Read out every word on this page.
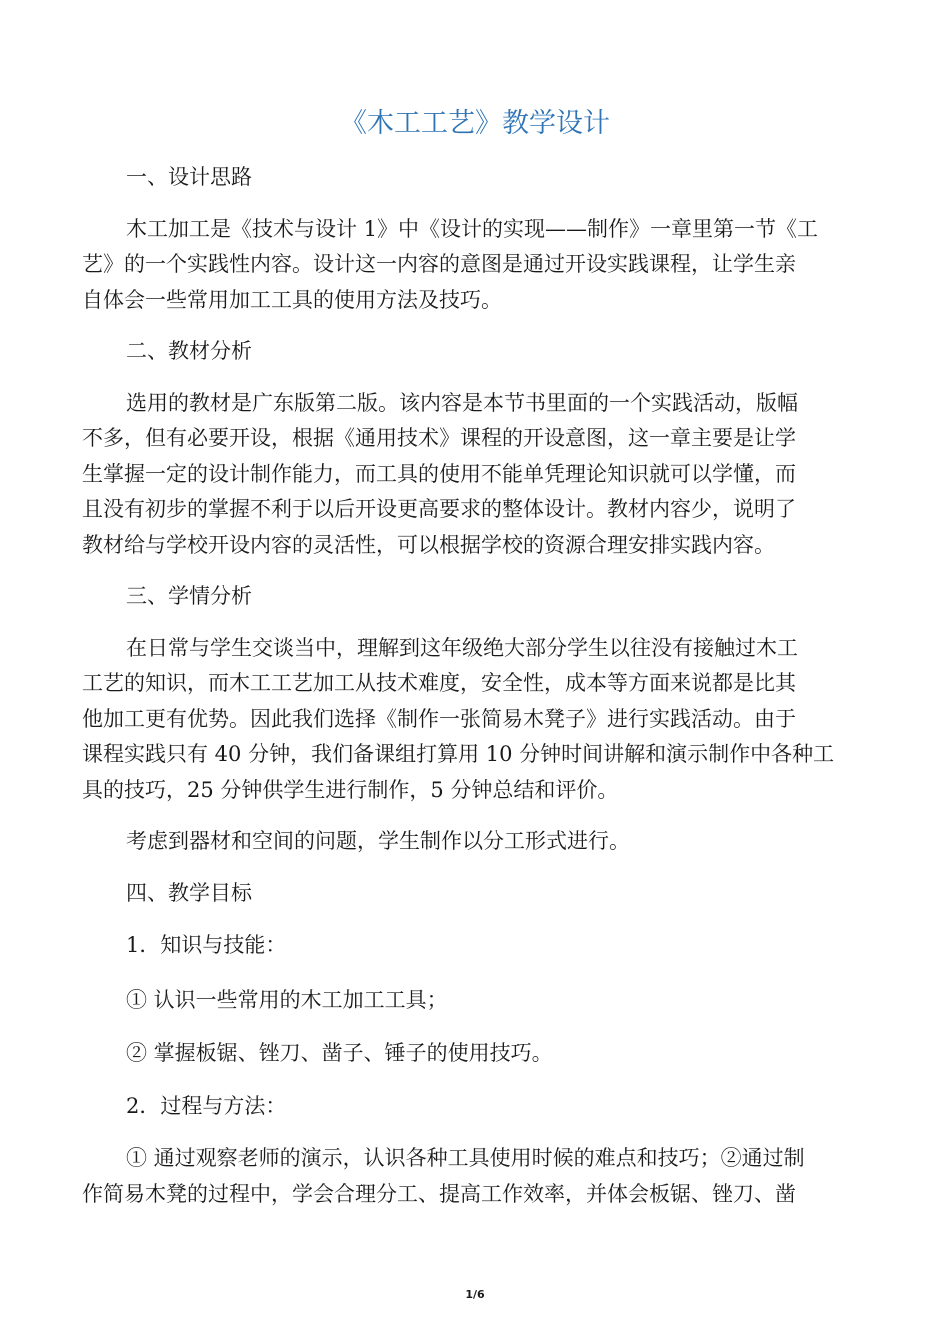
《木工工艺》教学设计
一、设计思路
木工加工是《技术与设计 1》中《设计的实现——制作》一章里第一节《工
艺》的一个实践性内容。设计这一内容的意图是通过开设实践课程，让学生亲
自体会一些常用加工工具的使用方法及技巧。
二、教材分析
选用的教材是广东版第二版。该内容是本节书里面的一个实践活动，版幅
不多，但有必要开设，根据《通用技术》课程的开设意图，这一章主要是让学
生掌握一定的设计制作能力，而工具的使用不能单凭理论知识就可以学懂，而
且没有初步的掌握不利于以后开设更高要求的整体设计。教材内容少，说明了
教材给与学校开设内容的灵活性，可以根据学校的资源合理安排实践内容。
三、学情分析
在日常与学生交谈当中，理解到这年级绝大部分学生以往没有接触过木工
工艺的知识，而木工工艺加工从技术难度，安全性，成本等方面来说都是比其
他加工更有优势。因此我们选择《制作一张简易木凳子》进行实践活动。由于
课程实践只有 40 分钟，我们备课组打算用 10 分钟时间讲解和演示制作中各种工
具的技巧，25 分钟供学生进行制作，5 分钟总结和评价。
考虑到器材和空间的问题，学生制作以分工形式进行。
四、教学目标
1．知识与技能：
① 认识一些常用的木工加工工具；
② 掌握板锯、锉刀、凿子、锤子的使用技巧。
2．过程与方法：
① 通过观察老师的演示，认识各种工具使用时候的难点和技巧；②通过制
作简易木凳的过程中，学会合理分工、提高工作效率，并体会板锯、锉刀、凿
1/6
